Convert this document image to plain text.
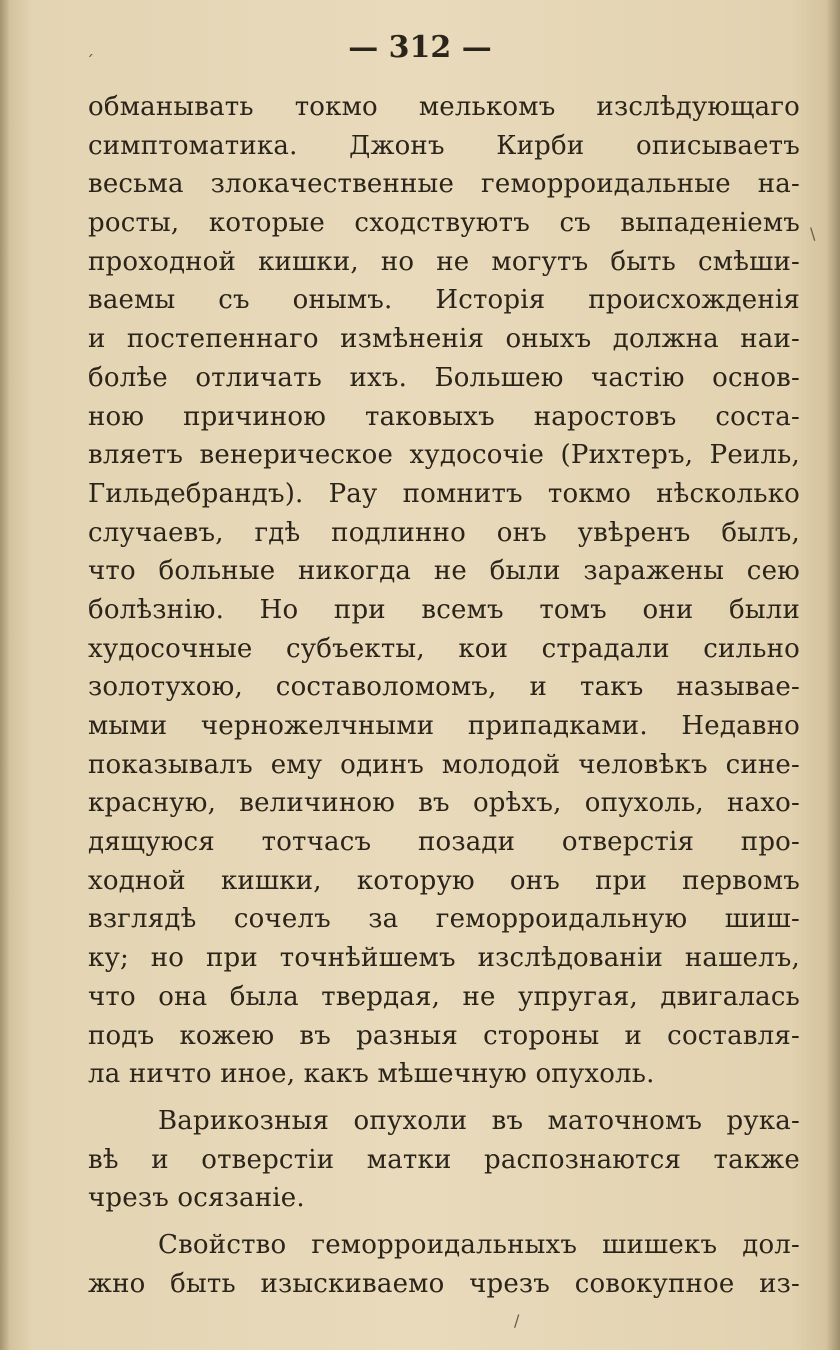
— 312 —
обманывать токмо мелькомъ изслѣдующаго
симптоматика. Джонъ Кирби описываетъ
весьма злокачественные геморроидальные на-
росты, которые сходствуютъ съ выпаденіемъ
проходной кишки, но не могутъ быть смѣши-
ваемы съ онымъ. Исторія происхожденія
и постепеннаго измѣненія оныхъ должна наи-
болѣе отличать ихъ. Большею частію основ-
ною причиною таковыхъ наростовъ соста-
вляетъ венерическое худосочіе (Рихтеръ, Реиль,
Гильдебрандъ). Рау помнитъ токмо нѣсколько
случаевъ, гдѣ подлинно онъ увѣренъ былъ,
что больные никогда не были заражены сею
болѣзнію. Но при всемъ томъ они были
худосочные субъекты, кои страдали сильно
золотухою, составоломомъ, и такъ называе-
мыми черножелчными припадками. Недавно
показывалъ ему одинъ молодой человѣкъ сине-
красную, величиною въ орѣхъ, опухоль, нахо-
дящуюся тотчасъ позади отверстія про-
ходной кишки, которую онъ при первомъ
взглядѣ сочелъ за геморроидальную шиш-
ку; но при точнѣйшемъ изслѣдованіи нашелъ,
что она была твердая, не упругая, двигалась
подъ кожею въ разныя стороны и составля-
ла ничто иное, какъ мѣшечную опухоль.
Варикозныя опухоли въ маточномъ рука-
вѣ и отверстіи матки распознаются также
чрезъ осязаніе.
Свойство геморроидальныхъ шишекъ дол-
жно быть изыскиваемо чрезъ совокупное из-
ˊ
\
/
